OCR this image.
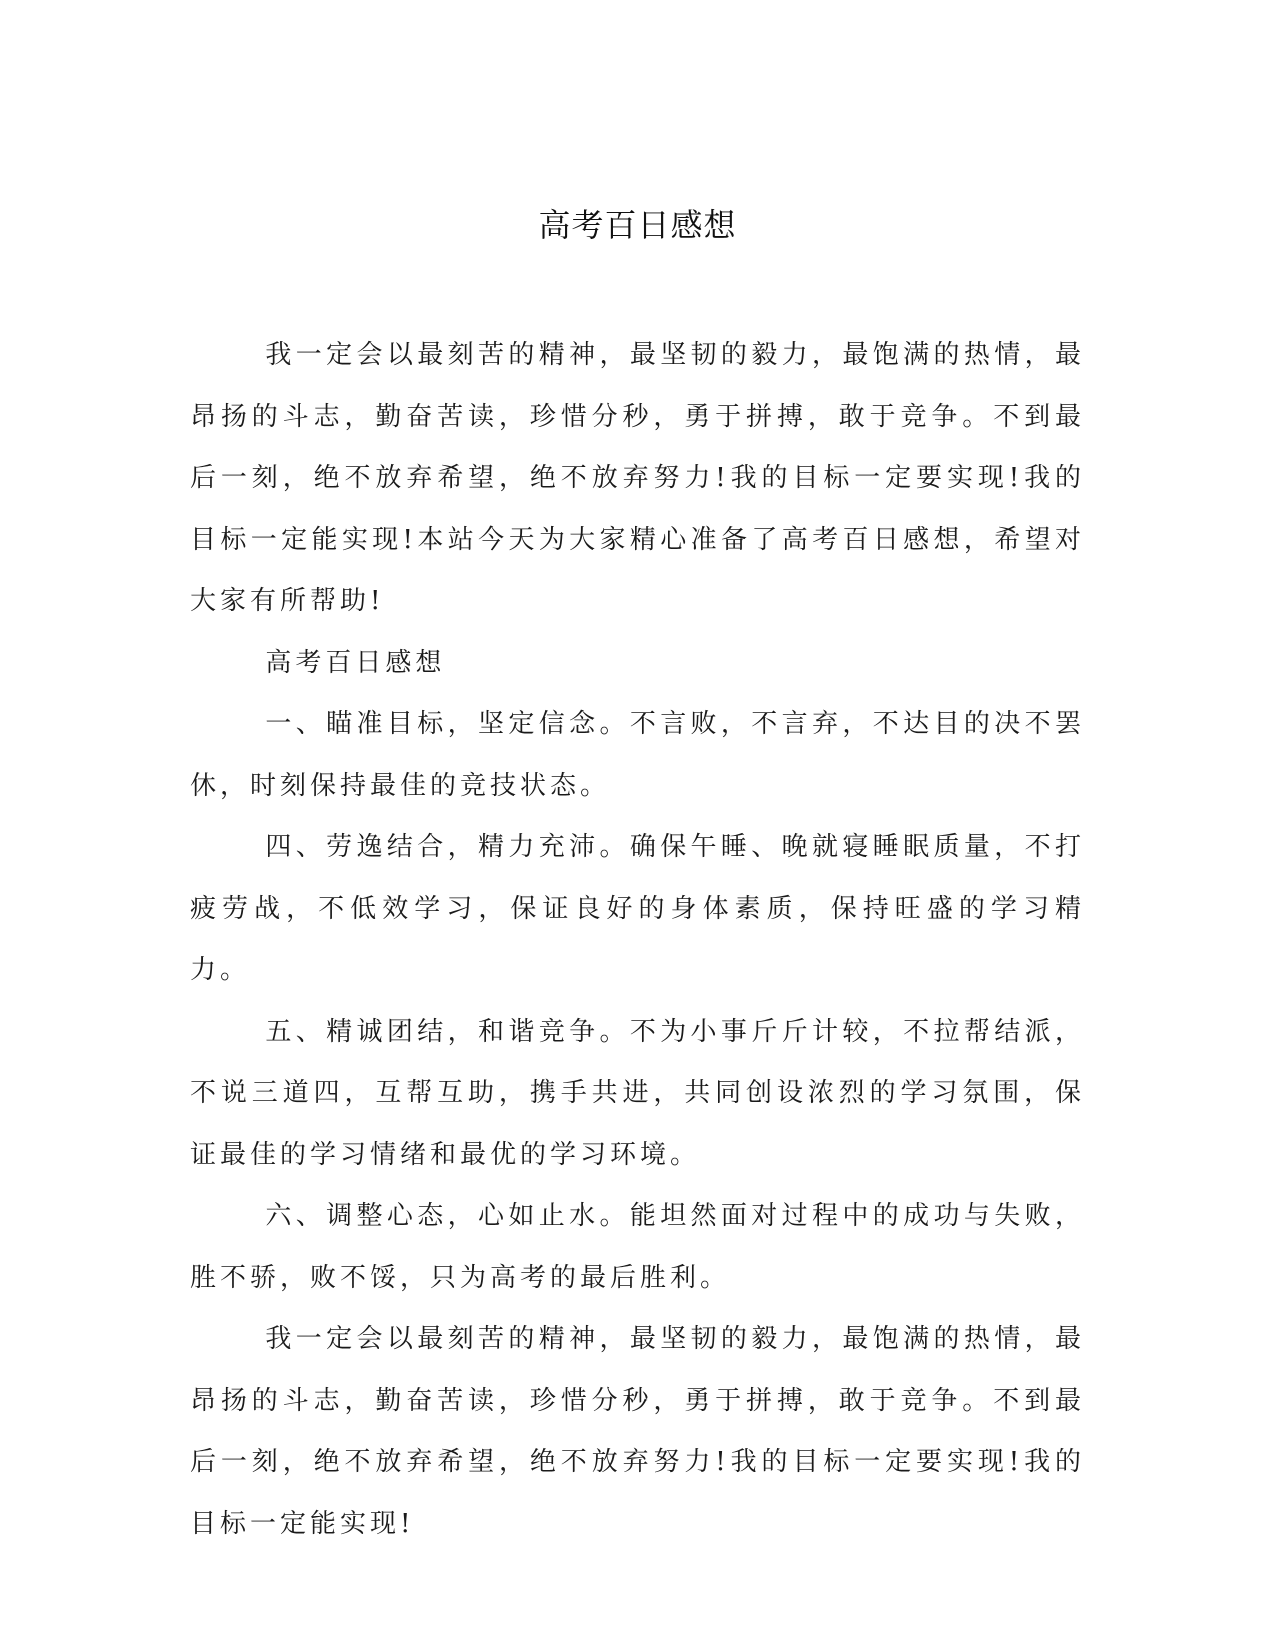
高考百日感想

我一定会以最刻苦的精神，最坚韧的毅力，最饱满的热情，最昂扬的斗志，勤奋苦读，珍惜分秒，勇于拼搏，敢于竞争。不到最后一刻，绝不放弃希望，绝不放弃努力!我的目标一定要实现!我的目标一定能实现!本站今天为大家精心准备了高考百日感想，希望对大家有所帮助!

高考百日感想

一、瞄准目标，坚定信念。不言败，不言弃，不达目的决不罢休，时刻保持最佳的竞技状态。

四、劳逸结合，精力充沛。确保午睡、晚就寝睡眠质量，不打疲劳战，不低效学习，保证良好的身体素质，保持旺盛的学习精力。

五、精诚团结，和谐竞争。不为小事斤斤计较，不拉帮结派，不说三道四，互帮互助，携手共进，共同创设浓烈的学习氛围，保证最佳的学习情绪和最优的学习环境。

六、调整心态，心如止水。能坦然面对过程中的成功与失败，胜不骄，败不馁，只为高考的最后胜利。

我一定会以最刻苦的精神，最坚韧的毅力，最饱满的热情，最昂扬的斗志，勤奋苦读，珍惜分秒，勇于拼搏，敢于竞争。不到最后一刻，绝不放弃希望，绝不放弃努力!我的目标一定要实现!我的目标一定能实现!
